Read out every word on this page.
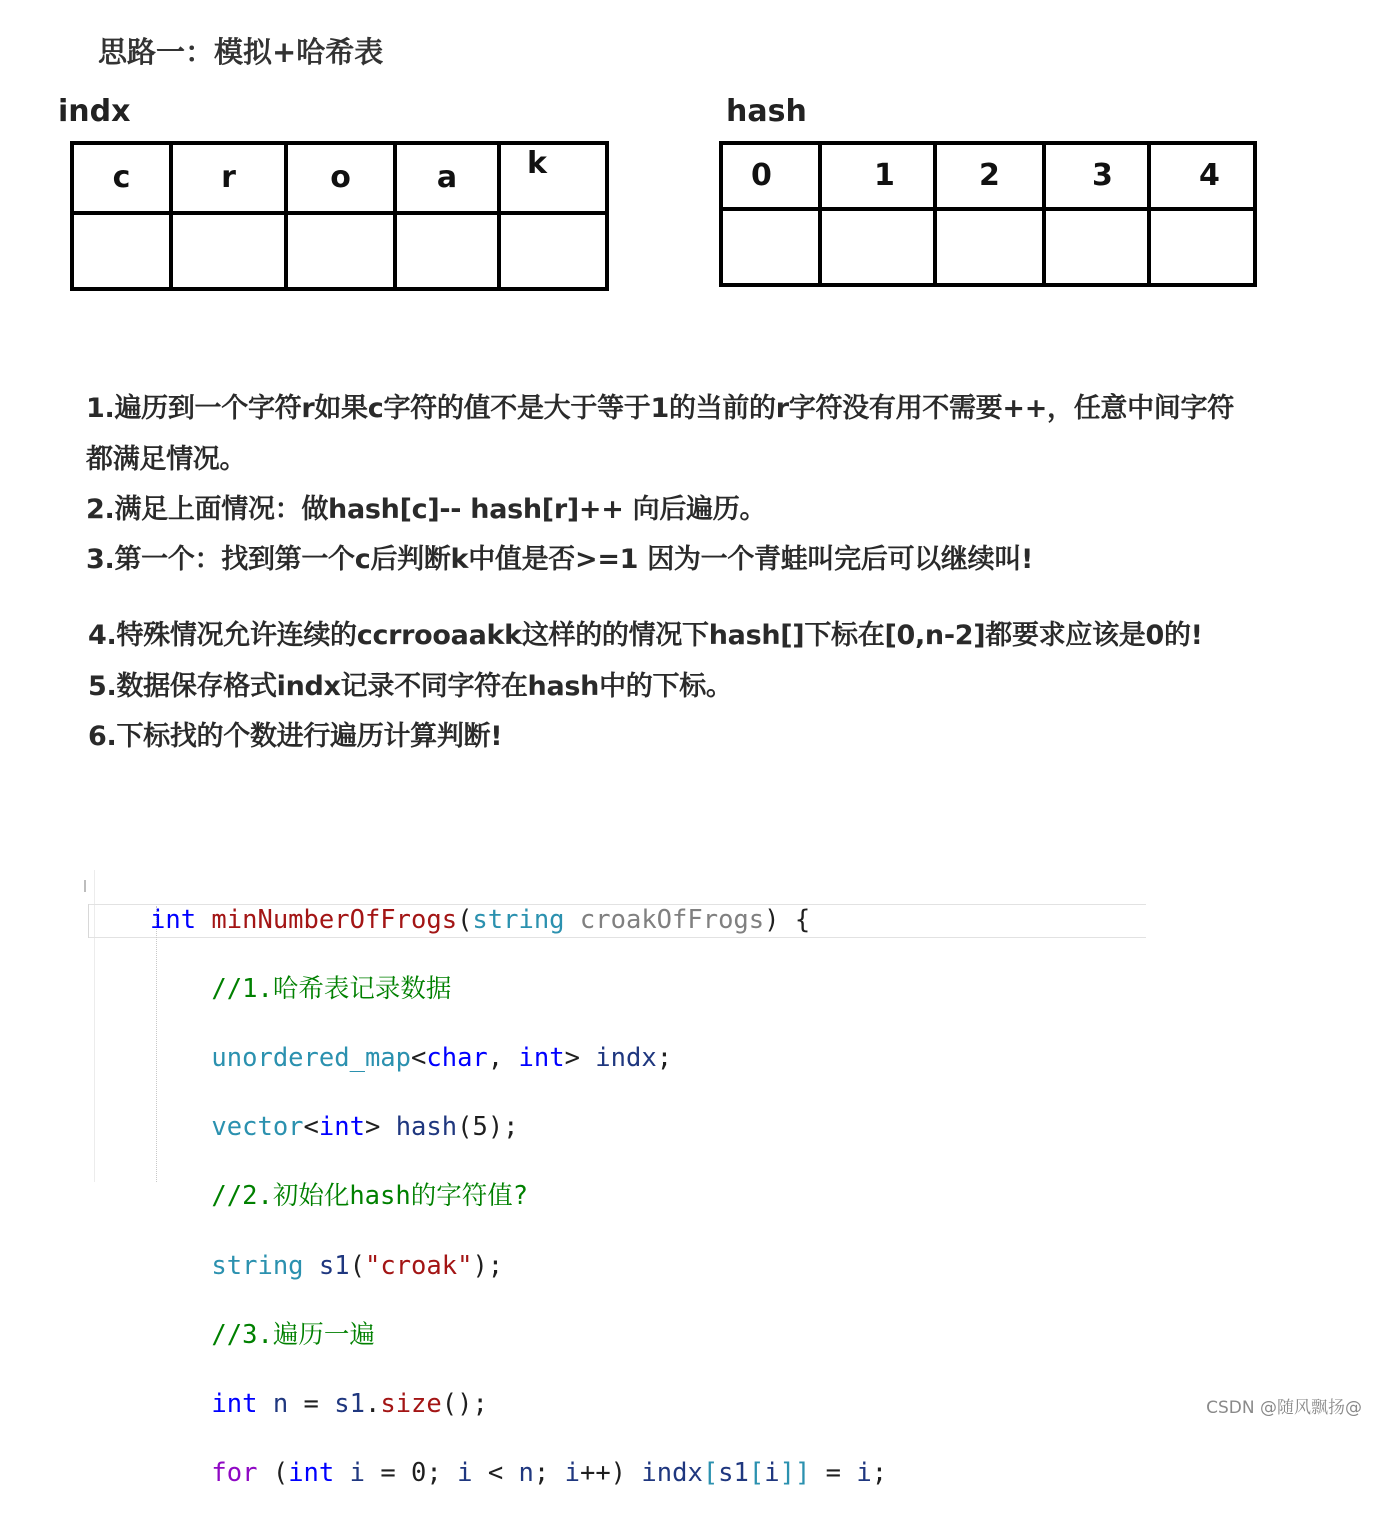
思路一：模拟+哈希表
indx
c	r	o	a	k

hash
0	1	2	3	4

1.遍历到一个字符r如果c字符的值不是大于等于1的当前的r字符没有用不需要++，任意中间字符
都满足情况。
2.满足上面情况：做hash[c]-- hash[r]++ 向后遍历。
3.第一个：找到第一个c后判断k中值是否>=1 因为一个青蛙叫完后可以继续叫!
4.特殊情况允许连续的ccrrooaakk这样的的情况下hash[]下标在[0,n-2]都要求应该是0的!
5.数据保存格式indx记录不同字符在hash中的下标。
6.下标找的个数进行遍历计算判断!

int minNumberOfFrogs(string croakOfFrogs) {

//1.哈希表记录数据

unordered_map<char, int> indx;

vector<int> hash(5);

//2.初始化hash的字符值?

string s1("croak");

//3.遍历一遍

int n = s1.size();

for (int i = 0; i < n; i++) indx[s1[i]] = i;

CSDN @随风飘扬@
